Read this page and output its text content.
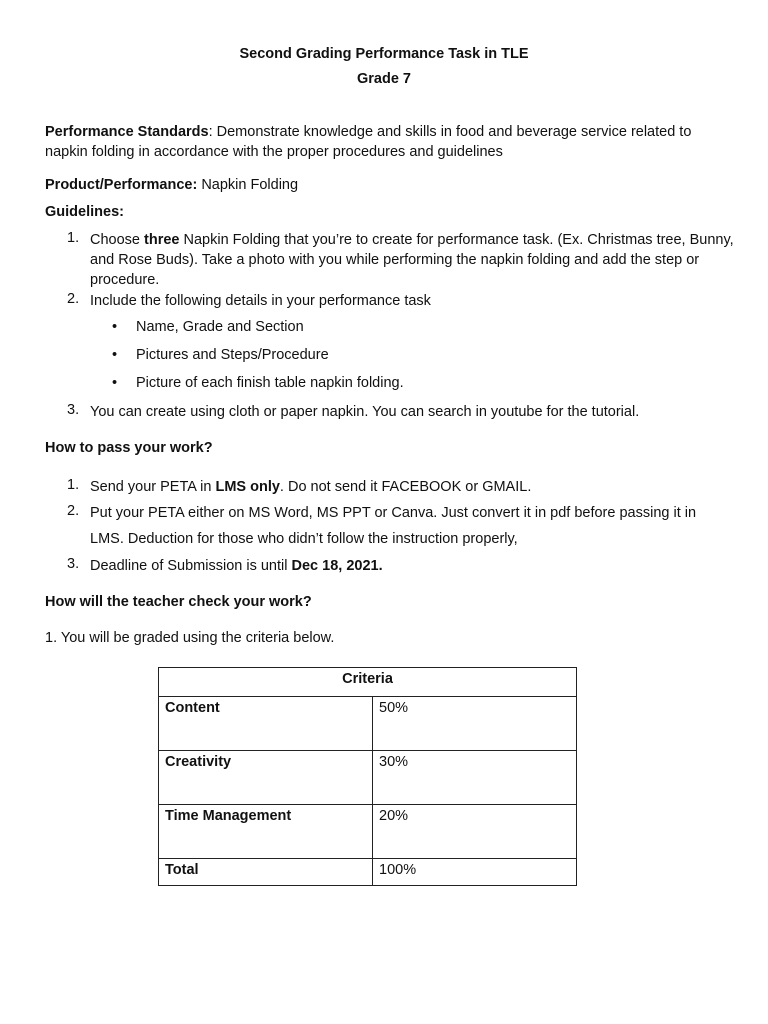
Second Grading Performance Task in TLE
Grade 7
Performance Standards: Demonstrate knowledge and skills in food and beverage service related to
napkin folding in accordance with the proper procedures and guidelines
Product/Performance: Napkin Folding
Guidelines:
1. Choose three Napkin Folding that you’re to create for performance task. (Ex. Christmas tree, Bunny, and Rose Buds). Take a photo with you while performing the napkin folding and add the step or procedure.
2. Include the following details in your performance task
• Name, Grade and Section
• Pictures and Steps/Procedure
• Picture of each finish table napkin folding.
3. You can create using cloth or paper napkin. You can search in youtube for the tutorial.
How to pass your work?
1. Send your PETA in LMS only. Do not send it FACEBOOK or GMAIL.
2. Put your PETA either on MS Word, MS PPT or Canva. Just convert it in pdf before passing it in
LMS. Deduction for those who didn’t follow the instruction properly,
3. Deadline of Submission is until Dec 18, 2021.
How will the teacher check your work?
1. You will be graded using the criteria below.
Criteria	
Content	50%
Creativity	30%
Time Management	20%
Total	100%
